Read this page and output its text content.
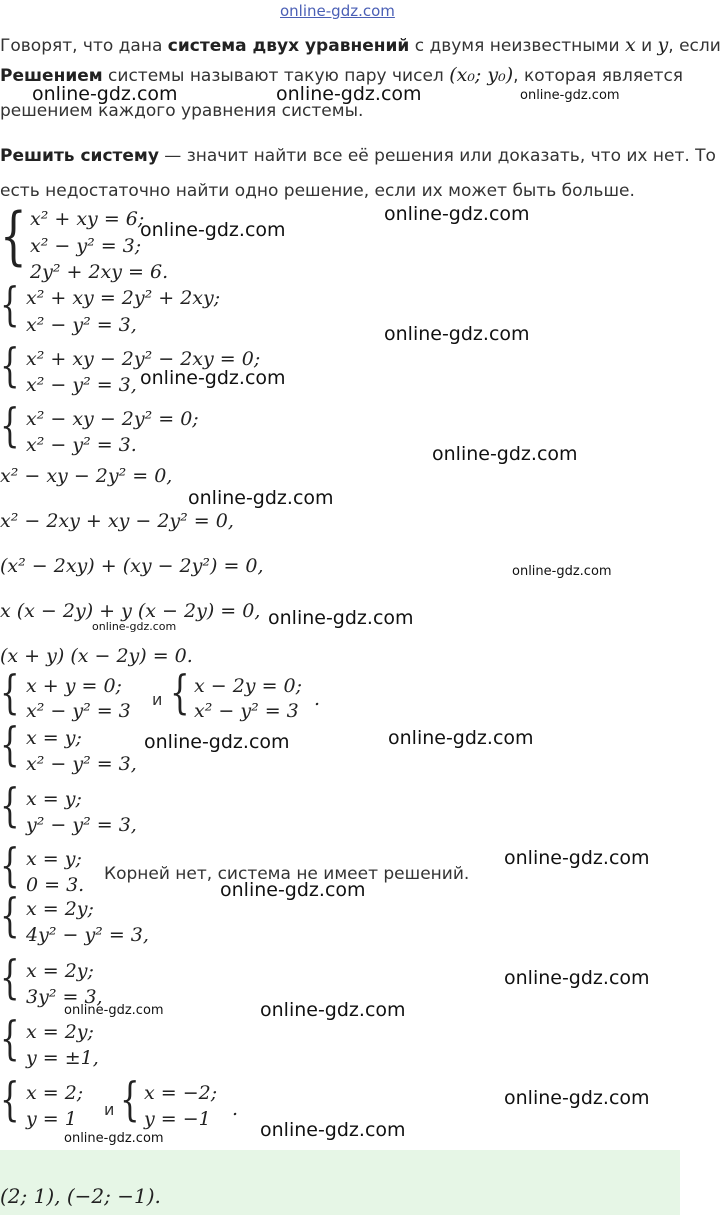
online-gdz.com
Говорят, что дана система двух уравнений с двумя неизвестными x и y, если
Решением системы называют такую пару чисел (x₀; y₀), которая является
решением каждого уравнения системы.
Решить систему — значит найти все её решения или доказать, что их нет. То
есть недостаточно найти одно решение, если их может быть больше.
{ x² + xy = 6;
x² − y² = 3;
2y² + 2xy = 6.
{ x² + xy = 2y² + 2xy;
x² − y² = 3,
{ x² + xy − 2y² − 2xy = 0;
x² − y² = 3,
{ x² − xy − 2y² = 0;
x² − y² = 3.
x² − xy − 2y² = 0,
x² − 2xy + xy − 2y² = 0,
(x² − 2xy) + (xy − 2y²) = 0,
x (x − 2y) + y (x − 2y) = 0,
(x + y) (x − 2y) = 0.
{ x + y = 0;
x² − y² = 3
и { x − 2y = 0;
x² − y² = 3
.
{ x = y;
x² − y² = 3,
{ x = y;
y² − y² = 3,
{ x = y;
0 = 3. Корней нет, система не имеет решений.
{ x = 2y;
4y² − y² = 3,
{ x = 2y;
3y² = 3,
{ x = 2y;
y = ±1,
{ x = 2;
y = 1 и { x = −2;
y = −1 .
(2; 1), (−2; −1).
online-gdz.com	online-gdz.com	online-gdz.com
online-gdz.com
online-gdz.com
online-gdz.com
online-gdz.com
online-gdz.com
online-gdz.com
online-gdz.com
online-gdz.com
online-gdz.com
online-gdz.com	online-gdz.com
online-gdz.com
online-gdz.com
online-gdz.com
online-gdz.com
online-gdz.com
online-gdz.com
online-gdz.com
online-gdz.com
